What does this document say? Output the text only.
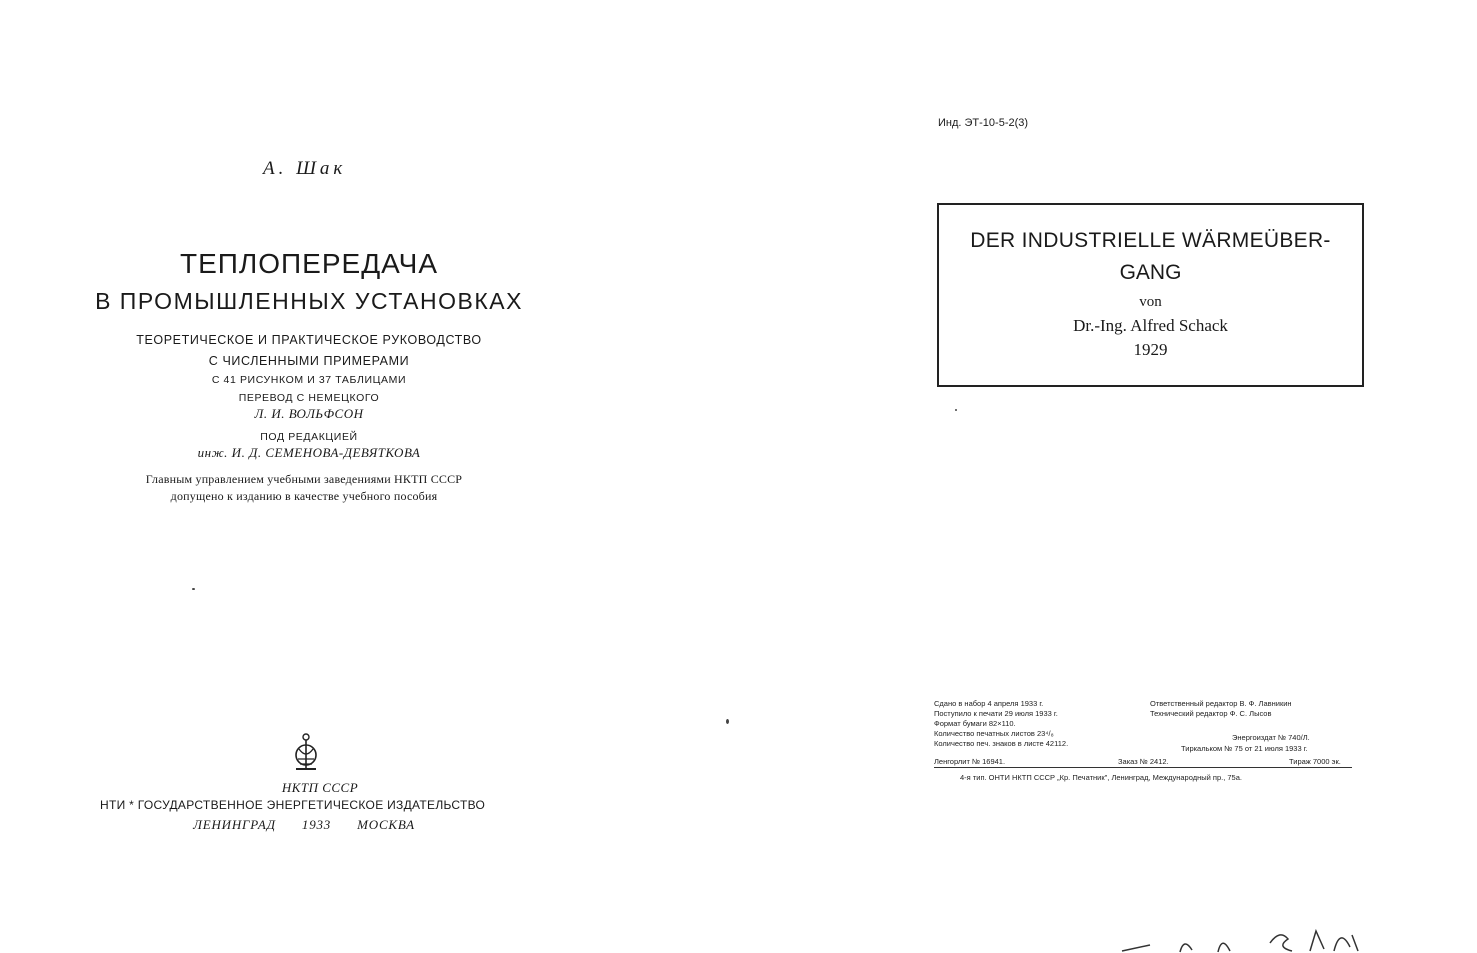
А. Шак
ТЕПЛОПЕРЕДАЧА
В ПРОМЫШЛЕННЫХ УСТАНОВКАХ
ТЕОРЕТИЧЕСКОЕ И ПРАКТИЧЕСКОЕ РУКОВОДСТВО
С ЧИСЛЕННЫМИ ПРИМЕРАМИ
С 41 РИСУНКОМ И 37 ТАБЛИЦАМИ
ПЕРЕВОД С НЕМЕЦКОГО
Л. И. ВОЛЬФСОН
ПОД РЕДАКЦИЕЙ
инж. И. Д. СЕМЕНОВА-ДЕВЯТКОВА
Главным управлением учебными заведениями НКТП СССР
допущено к изданию в качестве учебного пособия
НКТП СССР
НТИ * ГОСУДАРСТВЕННОЕ ЭНЕРГЕТИЧЕСКОЕ ИЗДАТЕЛЬСТВО
ЛЕНИНГРАД 1933 МОСКВА
Инд. ЭТ-10-5-2(3)
DER INDUSTRIELLE WÄRMEÜBER-
GANG
von
Dr.-Ing. Alfred Schack
1929
Сдано в набор 4 апреля 1933 г.
Поступило к печати 29 июля 1933 г.
Формат бумаги 82×110.
Количество печатных листов 23⁴/₈
Количество печ. знаков в листе 42112.
Ответственный редактор В. Ф. Лавникин
Технический редактор Ф. С. Лысов
Энергоиздат № 740/Л.
Тиркальком № 75 от 21 июля 1933 г.
Ленгорлит № 16941.	Заказ № 2412.	Тираж 7000 эк.
4-я тип. ОНТИ НКТП СССР „Кр. Печатник", Ленинград, Международный пр., 75а.
